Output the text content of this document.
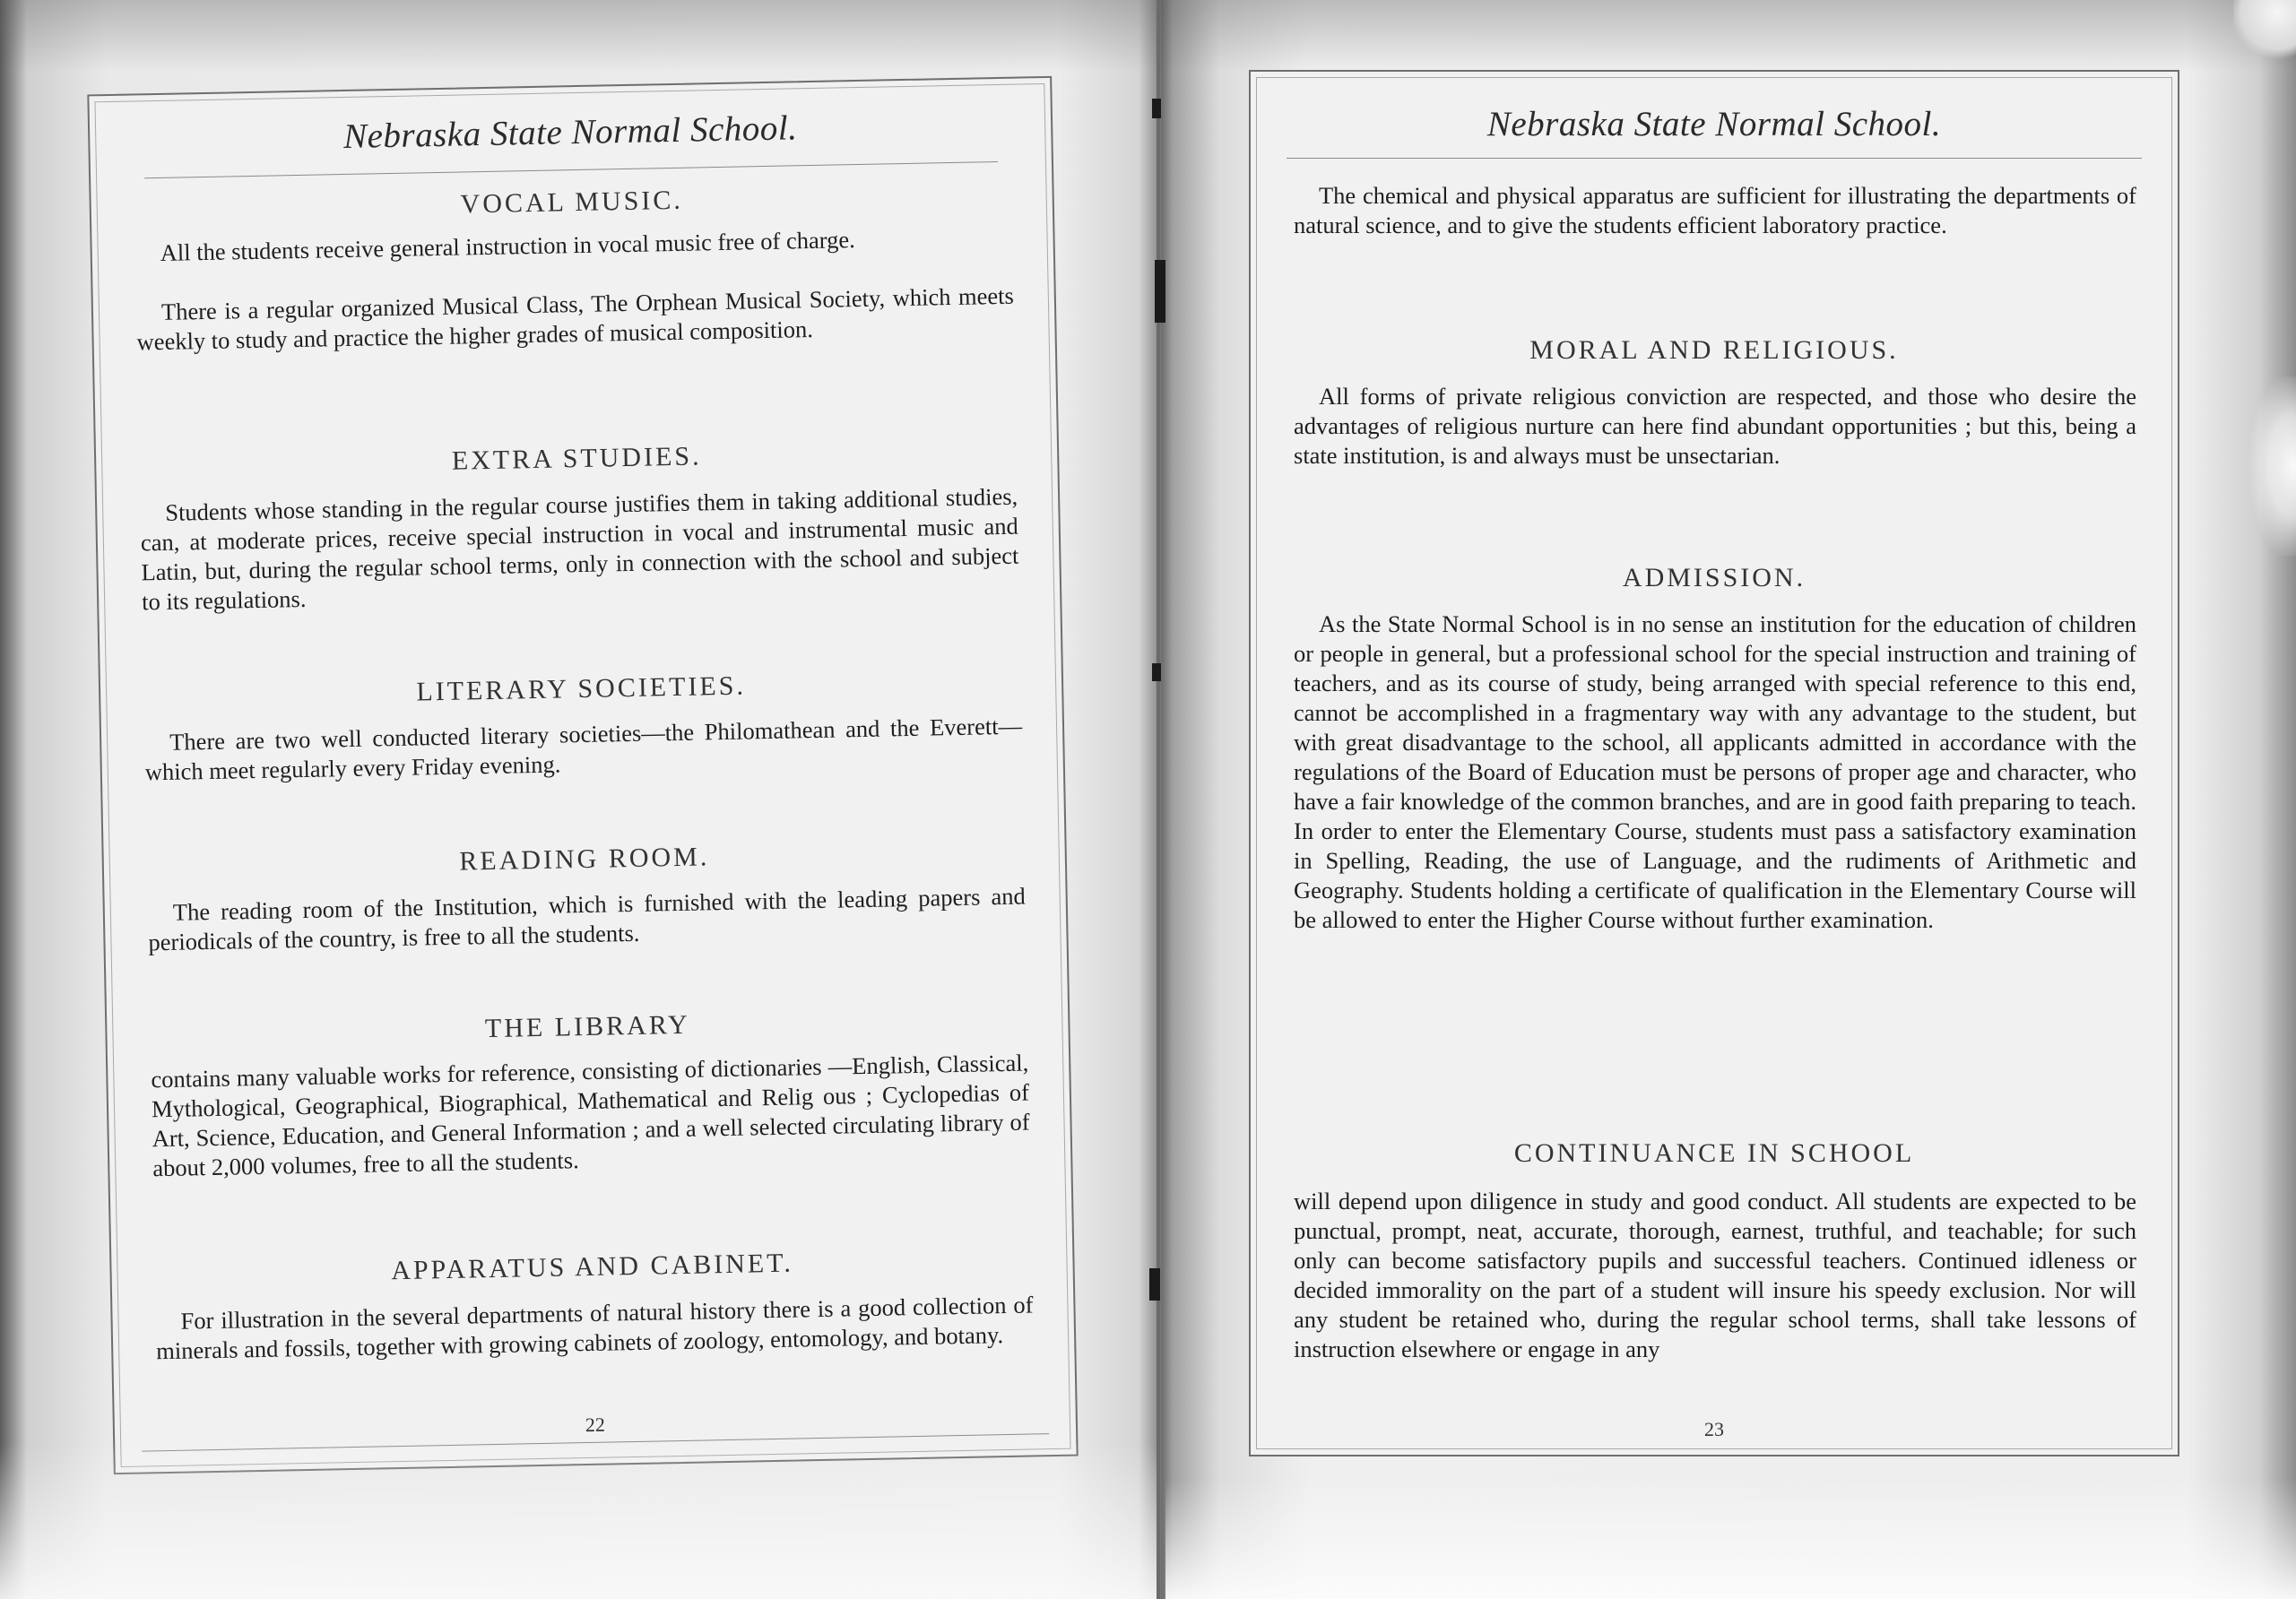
Nebraska State Normal School.
VOCAL MUSIC.

All the students receive general instruction in vocal music free of charge.

There is a regular organized Musical Class, The Orphean Musical Society, which meets weekly to study and practice the higher grades of musical composition.

EXTRA STUDIES.

Students whose standing in the regular course justifies them in taking additional studies, can, at moderate prices, receive special instruction in vocal and instrumental music and Latin, but, during the regular school terms, only in connection with the school and subject to its regulations.

LITERARY SOCIETIES.

There are two well conducted literary societies—the Philomathean and the Everett—which meet regularly every Friday evening.

READING ROOM.

The reading room of the Institution, which is furnished with the leading papers and periodicals of the country, is free to all the students.

THE LIBRARY

contains many valuable works for reference, consisting of dictionaries —English, Classical, Mythological, Geographical, Biographical, Mathematical and Relig ous ; Cyclopedias of Art, Science, Education, and General Information ; and a well selected circulating library of about 2,000 volumes, free to all the students.

APPARATUS AND CABINET.

For illustration in the several departments of natural history there is a good collection of minerals and fossils, together with growing cabinets of zoology, entomology, and botany.

22
Nebraska State Normal School.

The chemical and physical apparatus are sufficient for illustrating the departments of natural science, and to give the students efficient laboratory practice.

MORAL AND RELIGIOUS.

All forms of private religious conviction are respected, and those who desire the advantages of religious nurture can here find abundant opportunities ; but this, being a state institution, is and always must be unsectarian.

ADMISSION.

As the State Normal School is in no sense an institution for the education of children or people in general, but a professional school for the special instruction and training of teachers, and as its course of study, being arranged with special reference to this end, cannot be accomplished in a fragmentary way with any advantage to the student, but with great disadvantage to the school, all applicants admitted in accordance with the regulations of the Board of Education must be persons of proper age and character, who have a fair knowledge of the common branches, and are in good faith preparing to teach. In order to enter the Elementary Course, students must pass a satisfactory examination in Spelling, Reading, the use of Language, and the rudiments of Arithmetic and Geography. Students holding a certificate of qualification in the Elementary Course will be allowed to enter the Higher Course without further examination.

CONTINUANCE IN SCHOOL

will depend upon diligence in study and good conduct. All students are expected to be punctual, prompt, neat, accurate, thorough, earnest, truthful, and teachable; for such only can become satisfactory pupils and successful teachers. Continued idleness or decided immorality on the part of a student will insure his speedy exclusion. Nor will any student be retained who, during the regular school terms, shall take lessons of instruction elsewhere or engage in any

23
